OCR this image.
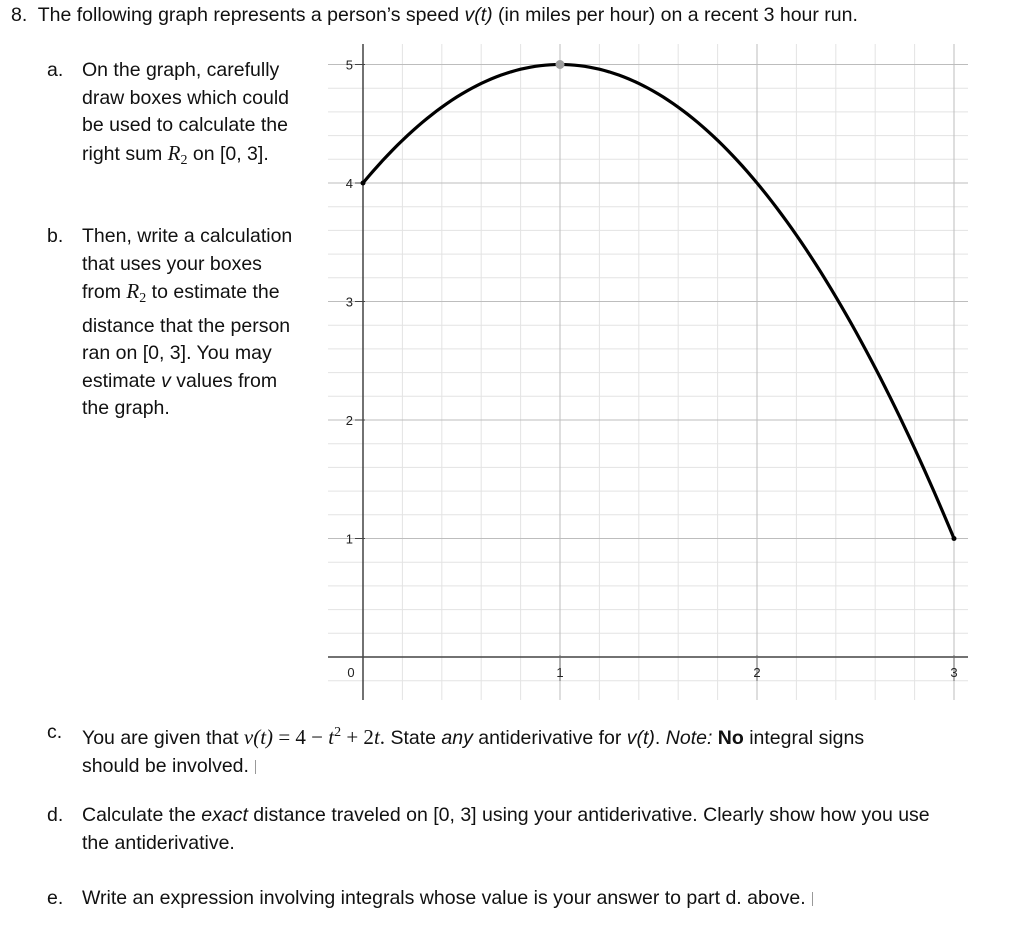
8. The following graph represents a person’s speed v(t) (in miles per hour) on a recent 3 hour run.
a. On the graph, carefully
draw boxes which could
be used to calculate the
right sum $R_2$ on [0, 3].
b. Then, write a calculation
that uses your boxes
from $R_2$ to estimate the
distance that the person
ran on [0, 3]. You may
estimate v values from
the graph.
1
2
3
4
5
1	2	3
0
c. You are given that $v(t) = 4 - t^2 + 2t$. State any antiderivative for v(t). Note: No integral signs
should be involved.
d. Calculate the exact distance traveled on [0, 3] using your antiderivative. Clearly show how you use
the antiderivative.
e. Write an expression involving integrals whose value is your answer to part d. above.
